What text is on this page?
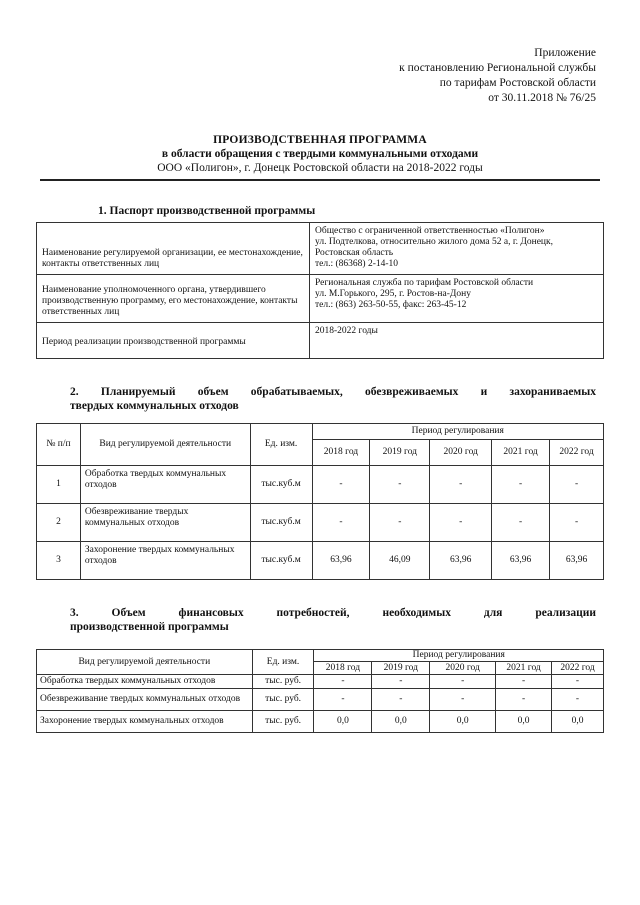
Приложение
к постановлению Региональной службы
по тарифам Ростовской области
от 30.11.2018 № 76/25
ПРОИЗВОДСТВЕННАЯ ПРОГРАММА
в области обращения с твердыми коммунальными отходами
ООО «Полигон», г. Донецк Ростовской области на 2018-2022 годы
1. Паспорт производственной программы
Наименование регулируемой организации, ее местонахождение, контакты ответственных лиц	Общество с ограниченной ответственностью «Полигон»
ул. Подтелкова, относительно жилого дома 52 а, г. Донецк,
Ростовская область
тел.: (86368) 2-14-10

Наименование уполномоченного органа, утвердившего производственную программу, его местонахождение, контакты ответственных лиц	Региональная служба по тарифам Ростовской области
ул. М.Горького, 295, г. Ростов-на-Дону
тел.: (863) 263-50-55, факс: 263-45-12

Период реализации производственной программы	2018-2022 годы
2. Планируемый объем обрабатываемых, обезвреживаемых и захораниваемых
твердых коммунальных отходов
№ п/п	Вид регулируемой деятельности	Ед. изм.	Период регулирования				
			2018 год	2019 год	2020 год	2021 год	2022 год
1	Обработка твердых коммунальных отходов	тыс.куб.м	-	-	-	-	-
2	Обезвреживание твердых коммунальных отходов	тыс.куб.м	-	-	-	-	-
3	Захоронение твердых коммунальных отходов	тыс.куб.м	63,96	46,09	63,96	63,96	63,96
3. Объем финансовых потребностей, необходимых для реализации
производственной программы
Вид регулируемой деятельности	Ед. изм.	Период регулирования				
		2018 год	2019 год	2020 год	2021 год	2022 год
Обработка твердых коммунальных отходов	тыс. руб.	-	-	-	-	-
Обезвреживание твердых коммунальных отходов	тыс. руб.	-	-	-	-	-
Захоронение твердых коммунальных отходов	тыс. руб.	0,0	0,0	0,0	0,0	0,0
